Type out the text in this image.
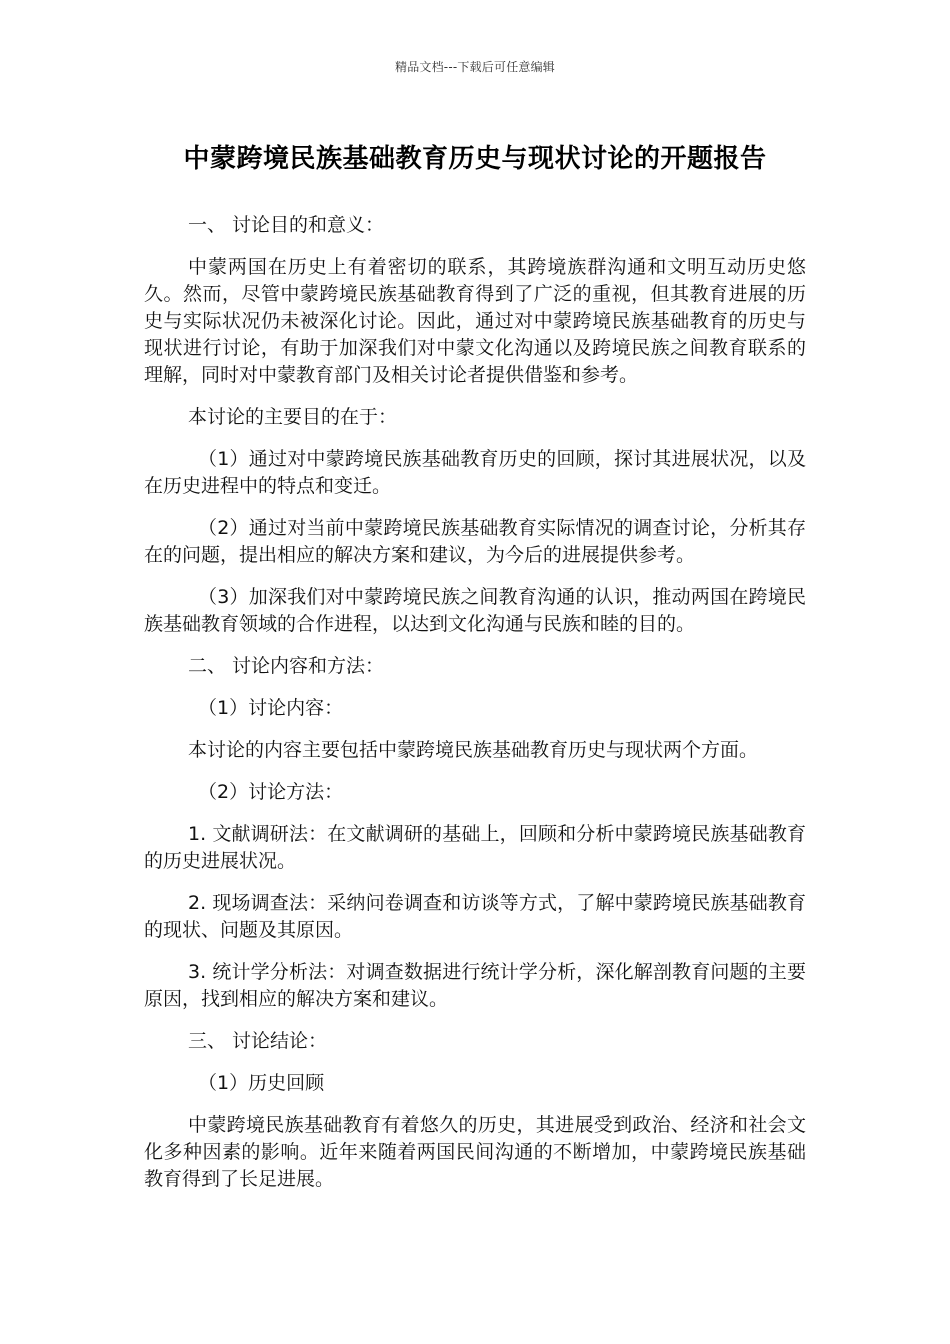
精品文档---下载后可任意编辑
中蒙跨境民族基础教育历史与现状讨论的开题报告

一、 讨论目的和意义：

中蒙两国在历史上有着密切的联系，其跨境族群沟通和文明互动历史悠久。然而，尽管中蒙跨境民族基础教育得到了广泛的重视，但其教育进展的历史与实际状况仍未被深化讨论。因此，通过对中蒙跨境民族基础教育的历史与现状进行讨论，有助于加深我们对中蒙文化沟通以及跨境民族之间教育联系的理解，同时对中蒙教育部门及相关讨论者提供借鉴和参考。

本讨论的主要目的在于：

（1）通过对中蒙跨境民族基础教育历史的回顾，探讨其进展状况，以及在历史进程中的特点和变迁。

（2）通过对当前中蒙跨境民族基础教育实际情况的调查讨论，分析其存在的问题，提出相应的解决方案和建议，为今后的进展提供参考。

（3）加深我们对中蒙跨境民族之间教育沟通的认识，推动两国在跨境民族基础教育领域的合作进程，以达到文化沟通与民族和睦的目的。

二、 讨论内容和方法：

（1）讨论内容：

本讨论的内容主要包括中蒙跨境民族基础教育历史与现状两个方面。

（2）讨论方法：

1. 文献调研法：在文献调研的基础上，回顾和分析中蒙跨境民族基础教育的历史进展状况。

2. 现场调查法：采纳问卷调查和访谈等方式，了解中蒙跨境民族基础教育的现状、问题及其原因。

3. 统计学分析法：对调查数据进行统计学分析，深化解剖教育问题的主要原因，找到相应的解决方案和建议。

三、 讨论结论：

（1）历史回顾

中蒙跨境民族基础教育有着悠久的历史，其进展受到政治、经济和社会文化多种因素的影响。近年来随着两国民间沟通的不断增加，中蒙跨境民族基础教育得到了长足进展。
